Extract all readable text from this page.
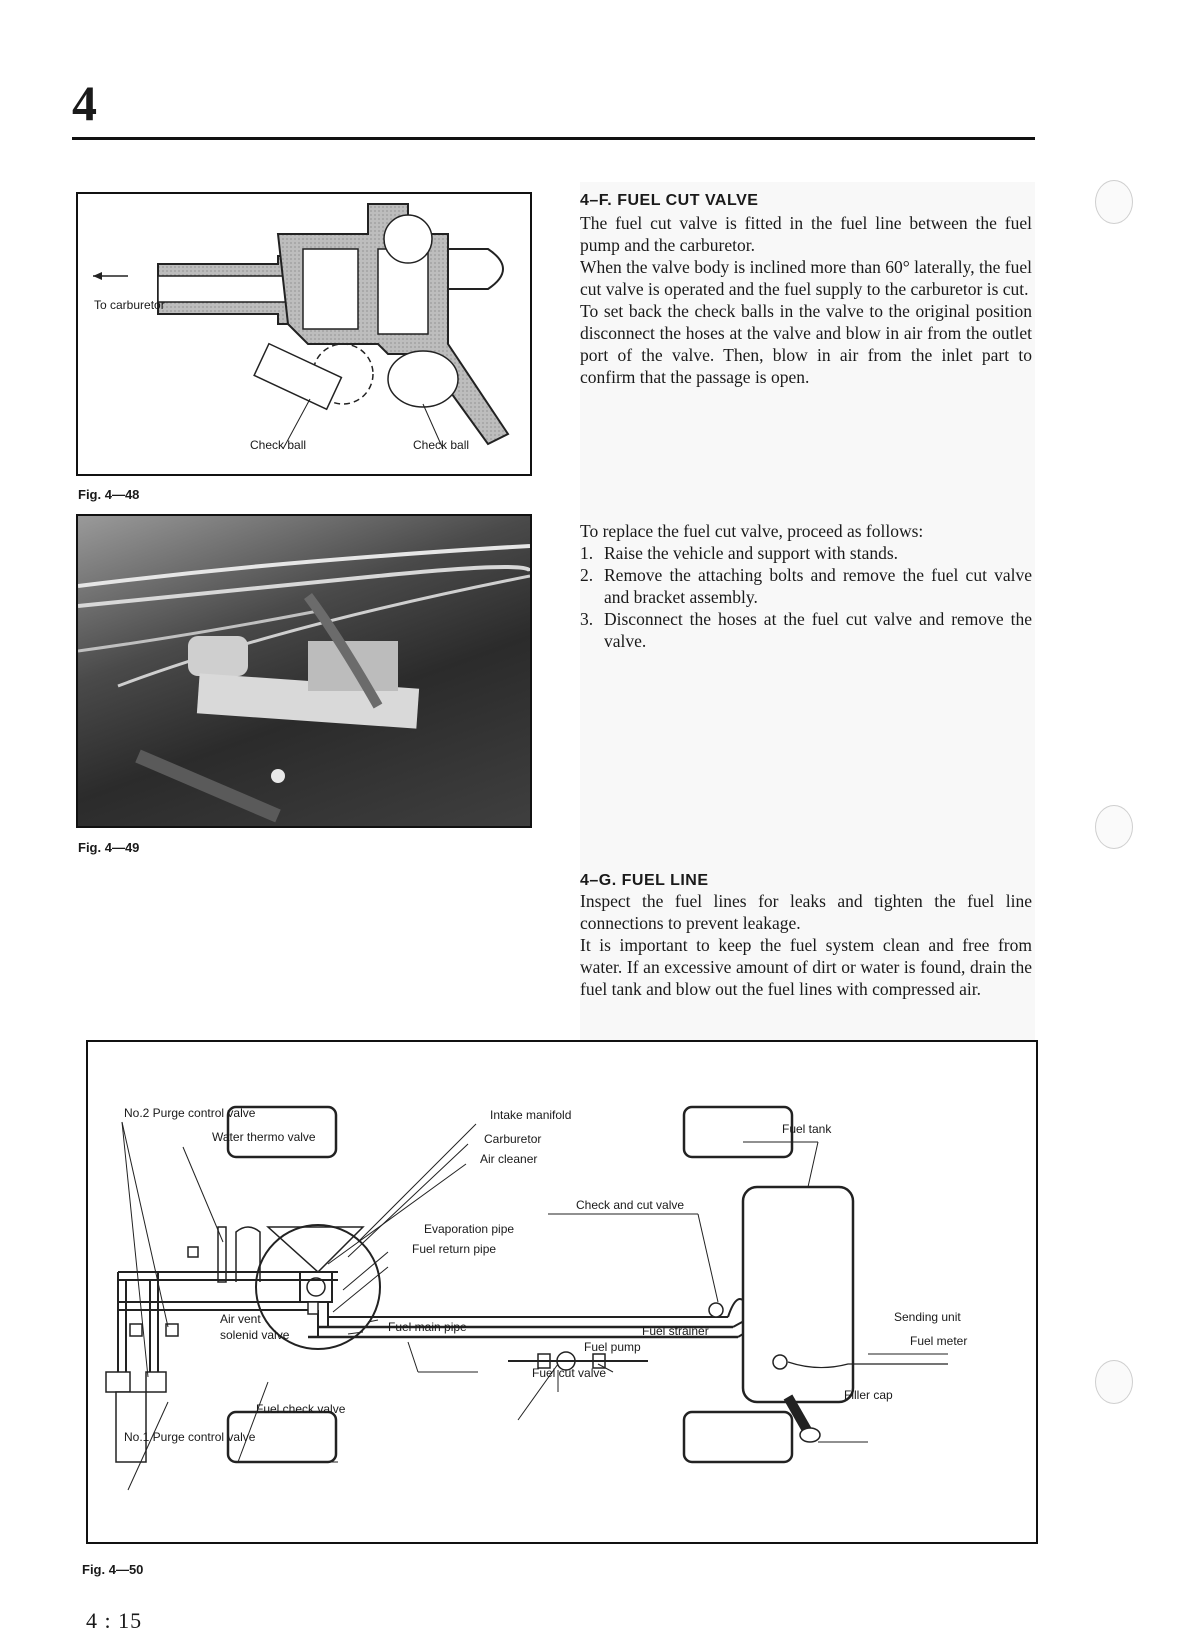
4
To carburetor
Check ball	Check ball
Fig. 4—48
Fig. 4—49
4–F. FUEL CUT VALVE
The fuel cut valve is fitted in the fuel line between the fuel pump and the carburetor.
When the valve body is inclined more than 60° laterally, the fuel cut valve is operated and the fuel supply to the carburetor is cut.
To set back the check balls in the valve to the original position disconnect the hoses at the valve and blow in air from the outlet port of the valve. Then, blow in air from the inlet part to confirm that the passage is open.
To replace the fuel cut valve, proceed as follows:
1. Raise the vehicle and support with stands.
2. Remove the attaching bolts and remove the fuel cut valve and bracket assembly.
3. Disconnect the hoses at the fuel cut valve and remove the valve.
4–G. FUEL LINE
Inspect the fuel lines for leaks and tighten the fuel line connections to prevent leakage.
It is important to keep the fuel system clean and free from water. If an excessive amount of dirt or water is found, drain the fuel tank and blow out the fuel lines with compressed air.
No.2 Purge control valve
Water thermo valve
Intake manifold
Carburetor
Air cleaner
Fuel tank
Check and cut valve
Evaporation pipe
Fuel return pipe
Air vent
solenid valve
Fuel main pipe	Fuel strainer
Fuel pump
Fuel cut valve
Sending unit
Fuel meter
Filler cap
Fuel check valve
No.1 Purge control valve
Fig. 4—50
4 : 15
